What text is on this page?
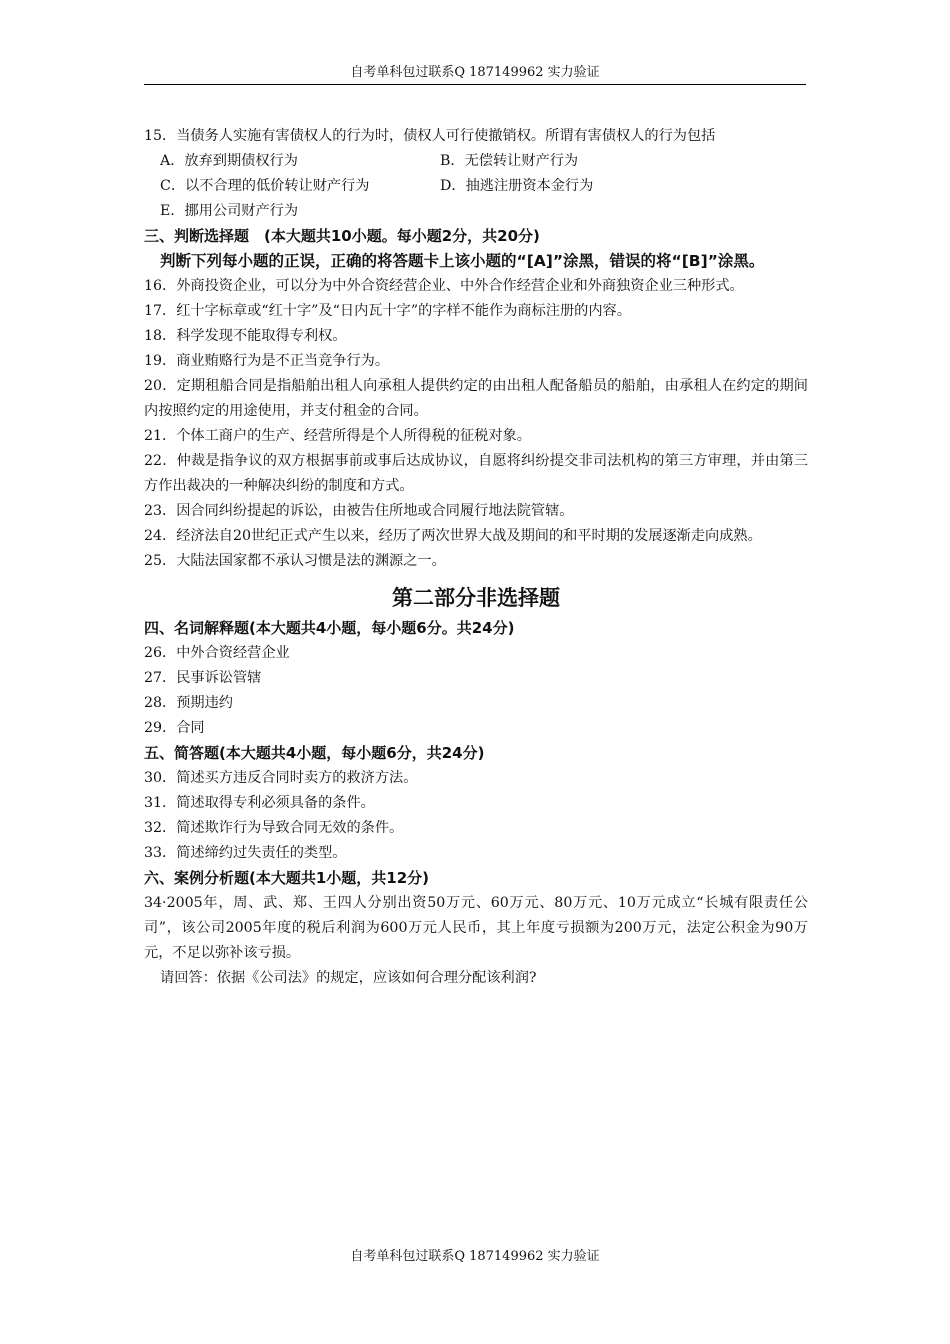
自考单科包过联系Q 187149962 实力验证
15．当债务人实施有害债权人的行为时，债权人可行使撤销权。所谓有害债权人的行为包括
A．放弃到期债权行为	B．无偿转让财产行为
C．以不合理的低价转让财产行为	D．抽逃注册资本金行为
E．挪用公司财产行为
三、判断选择题　(本大题共10小题。每小题2分，共20分)
判断下列每小题的正误，正确的将答题卡上该小题的“[A]”涂黑，错误的将“[B]”涂黑。
16．外商投资企业，可以分为中外合资经营企业、中外合作经营企业和外商独资企业三种形式。
17．红十字标章或“红十字”及“日内瓦十字”的字样不能作为商标注册的内容。
18．科学发现不能取得专利权。
19．商业贿赂行为是不正当竞争行为。
20．定期租船合同是指船舶出租人向承租人提供约定的由出租人配备船员的船舶，由承租人在约定的期间内按照约定的用途使用，并支付租金的合同。
21．个体工商户的生产、经营所得是个人所得税的征税对象。
22．仲裁是指争议的双方根据事前或事后达成协议，自愿将纠纷提交非司法机构的第三方审理，并由第三方作出裁决的一种解决纠纷的制度和方式。
23．因合同纠纷提起的诉讼，由被告住所地或合同履行地法院管辖。
24．经济法自20世纪正式产生以来，经历了两次世界大战及期间的和平时期的发展逐渐走向成熟。
25．大陆法国家都不承认习惯是法的渊源之一。
第二部分非选择题
四、名词解释题(本大题共4小题，每小题6分。共24分)
26．中外合资经营企业
27．民事诉讼管辖
28．预期违约
29．合同
五、简答题(本大题共4小题，每小题6分，共24分)
30．简述买方违反合同时卖方的救济方法。
31．简述取得专利必须具备的条件。
32．简述欺诈行为导致合同无效的条件。
33．简述缔约过失责任的类型。
六、案例分析题(本大题共1小题，共12分)
34·2005年，周、武、郑、王四人分别出资50万元、60万元、80万元、10万元成立“长城有限责任公司”，该公司2005年度的税后利润为600万元人民币，其上年度亏损额为200万元，法定公积金为90万元，不足以弥补该亏损。
请回答：依据《公司法》的规定，应该如何合理分配该利润?
自考单科包过联系Q 187149962 实力验证
